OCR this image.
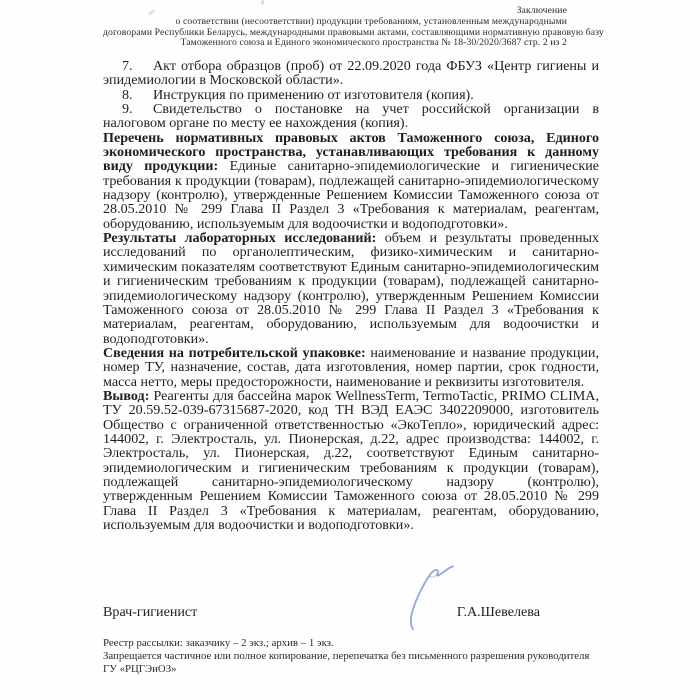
Заключение
о соответствии (несоответствии) продукции требованиям, установленным международными
договорами Республики Беларусь, международными правовыми актами, составляющими нормативную правовую базу
Таможенного союза и Единого экономического пространства № 18-30/2020/3687 стр. 2 из 2

7. Акт отбора образцов (проб) от 22.09.2020 года ФБУЗ «Центр гигиены и эпидемиологии в Московской области».

8. Инструкция по применению от изготовителя (копия).

9. Свидетельство о постановке на учет российской организации в налоговом органе по месту ее нахождения (копия).

Перечень нормативных правовых актов Таможенного союза, Единого экономического пространства, устанавливающих требования к данному виду продукции: Единые санитарно-эпидемиологические и гигиенические требования к продукции (товарам), подлежащей санитарно-эпидемиологическому надзору (контролю), утвержденные Решением Комиссии Таможенного союза от 28.05.2010 № 299 Глава II Раздел 3 «Требования к материалам, реагентам, оборудованию, используемым для водоочистки и водоподготовки».

Результаты лабораторных исследований: объем и результаты проведенных исследований по органолептическим, физико-химическим и санитарно-химическим показателям соответствуют Единым санитарно-эпидемиологическим и гигиеническим требованиям к продукции (товарам), подлежащей санитарно-эпидемиологическому надзору (контролю), утвержденным Решением Комиссии Таможенного союза от 28.05.2010 № 299 Глава II Раздел 3 «Требования к материалам, реагентам, оборудованию, используемым для водоочистки и водоподготовки».

Сведения на потребительской упаковке: наименование и название продукции, номер ТУ, назначение, состав, дата изготовления, номер партии, срок годности, масса нетто, меры предосторожности, наименование и реквизиты изготовителя.

Вывод: Реагенты для бассейна марок WellnessTerm, TermoTactic, PRIMO CLIMA, ТУ 20.59.52-039-67315687-2020, код ТН ВЭД ЕАЭС 3402209000, изготовитель Общество с ограниченной ответственностью «ЭкоТепло», юридический адрес: 144002, г. Электросталь, ул. Пионерская, д.22, адрес производства: 144002, г. Электросталь, ул. Пионерская, д.22, соответствуют Единым санитарно-эпидемиологическим и гигиеническим требованиям к продукции (товарам), подлежащей санитарно-эпидемиологическому надзору (контролю), утвержденным Решением Комиссии Таможенного союза от 28.05.2010 № 299 Глава II Раздел 3 «Требования к материалам, реагентам, оборудованию, используемым для водоочистки и водоподготовки».

Врач-гигиенист	Г.А.Шевелева

Реестр рассылки: заказчику – 2 экз.; архив – 1 экз.

Запрещается частичное или полное копирование, перепечатка без письменного разрешения руководителя ГУ «РЦГЭиОЗ»
